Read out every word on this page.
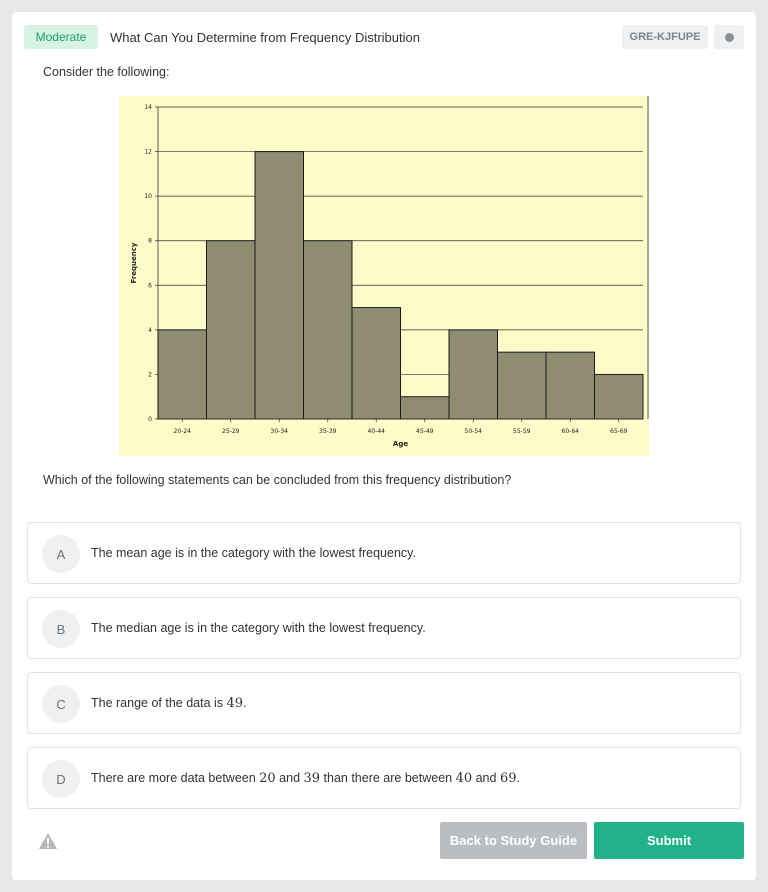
Moderate	What Can You Determine from Frequency Distribution	GRE-KJFUPE
Consider the following:
0
2
4
6
8
10
12
14
20-24	25-29	30-34	35-39	40-44	45-49	50-54	55-59	60-64	65-69
Age
Frequency
Which of the following statements can be concluded from this frequency distribution?
A	The mean age is in the category with the lowest frequency.
B	The median age is in the category with the lowest frequency.
C	The range of the data is 49.
D	There are more data between 20 and 39 than there are between 40 and 69.
Back to Study Guide	Submit
